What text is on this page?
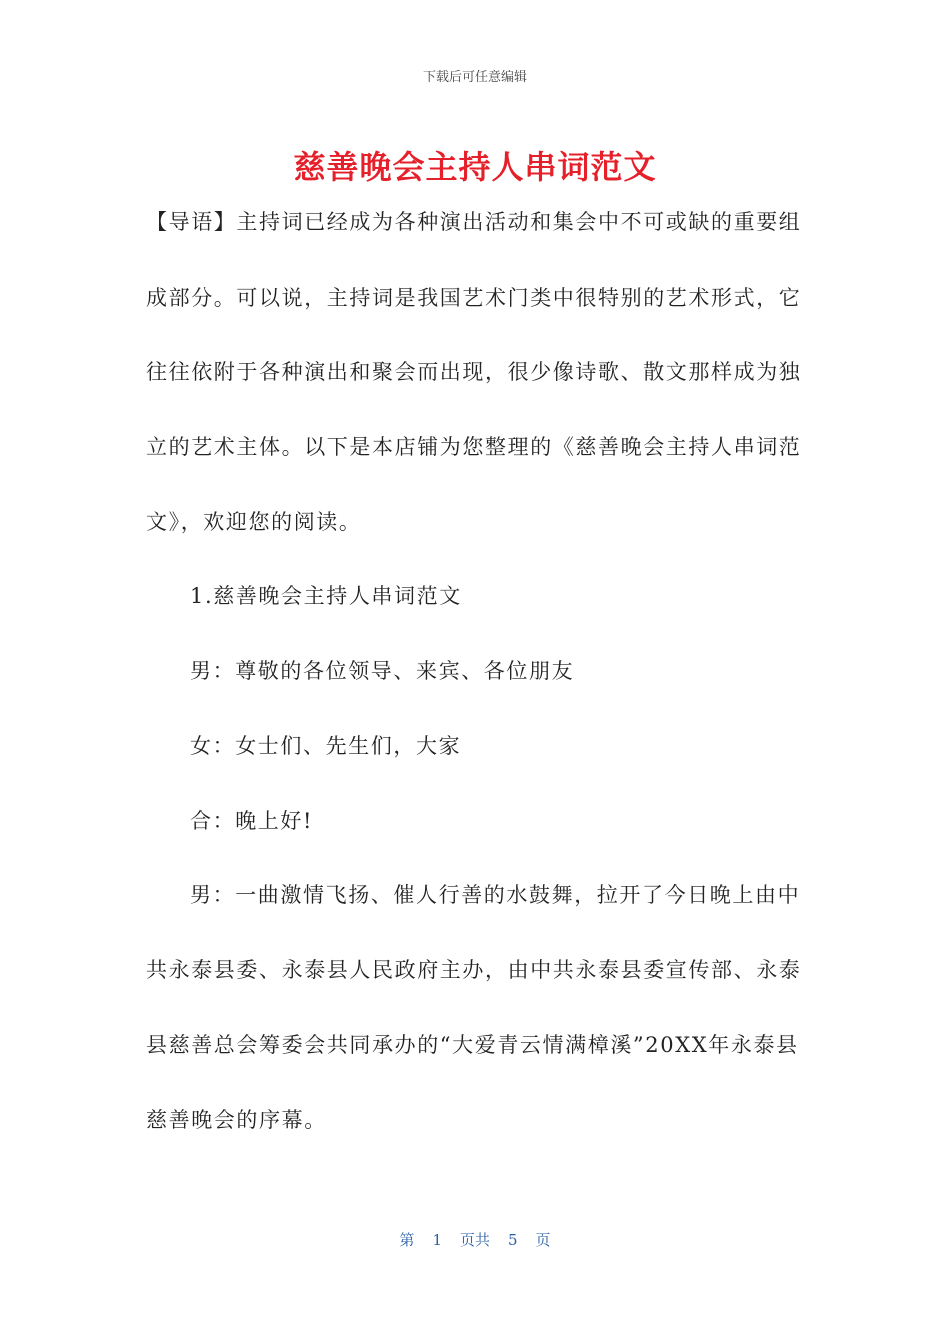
下载后可任意编辑
慈善晚会主持人串词范文
【导语】主持词已经成为各种演出活动和集会中不可或缺的重要组
成部分。可以说，主持词是我国艺术门类中很特别的艺术形式，它
往往依附于各种演出和聚会而出现，很少像诗歌、散文那样成为独
立的艺术主体。以下是本店铺为您整理的《慈善晚会主持人串词范
文》，欢迎您的阅读。
1.慈善晚会主持人串词范文
男：尊敬的各位领导、来宾、各位朋友
女：女士们、先生们，大家
合：晚上好!
男：一曲激情飞扬、催人行善的水鼓舞，拉开了今日晚上由中
共永泰县委、永泰县人民政府主办，由中共永泰县委宣传部、永泰
县慈善总会筹委会共同承办的“大爱青云情满樟溪”20XX年永泰县
慈善晚会的序幕。
第 1 页共 5 页
